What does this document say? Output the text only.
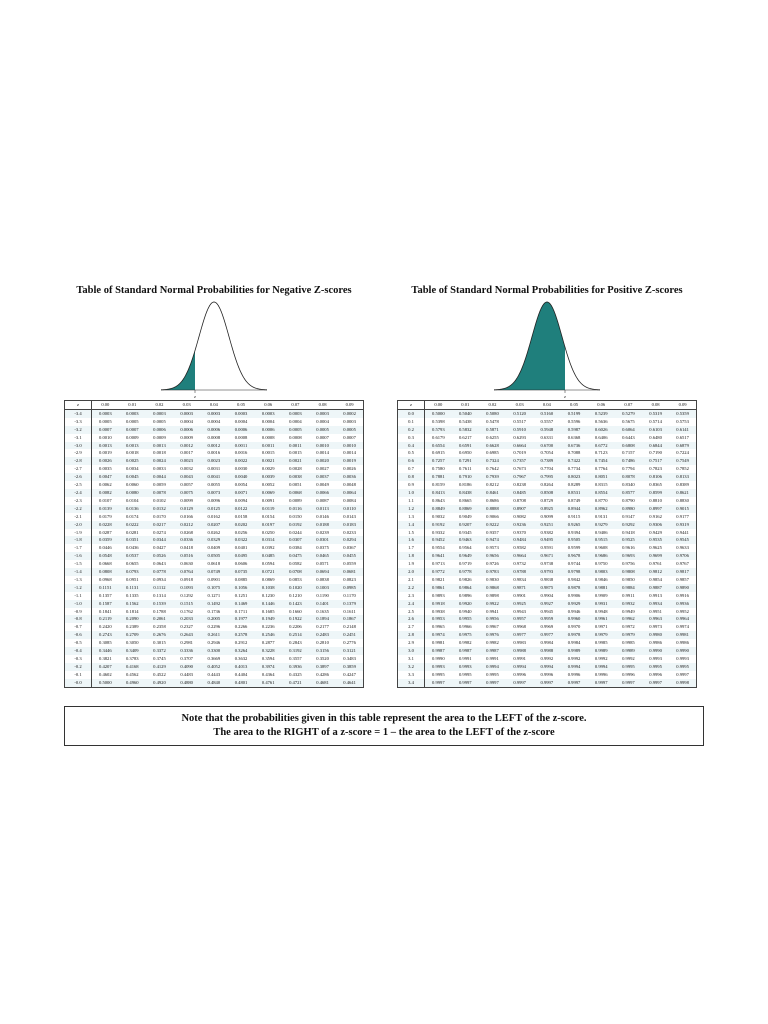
Table of Standard Normal Probabilities for Negative Z-scores

z
z	0.00	0.01	0.02	0.03	0.04	0.05	0.06	0.07	0.08	0.09
-3.4	0.0003	0.0003	0.0003	0.0003	0.0003	0.0003	0.0003	0.0003	0.0003	0.0002
-3.3	0.0005	0.0005	0.0005	0.0004	0.0004	0.0004	0.0004	0.0004	0.0004	0.0003
-3.2	0.0007	0.0007	0.0006	0.0006	0.0006	0.0006	0.0006	0.0005	0.0005	0.0005
-3.1	0.0010	0.0009	0.0009	0.0009	0.0008	0.0008	0.0008	0.0008	0.0007	0.0007
-3.0	0.0013	0.0013	0.0013	0.0012	0.0012	0.0011	0.0011	0.0011	0.0010	0.0010
-2.9	0.0019	0.0018	0.0018	0.0017	0.0016	0.0016	0.0015	0.0015	0.0014	0.0014
-2.8	0.0026	0.0025	0.0024	0.0023	0.0023	0.0022	0.0021	0.0021	0.0020	0.0019
-2.7	0.0035	0.0034	0.0033	0.0032	0.0031	0.0030	0.0029	0.0028	0.0027	0.0026
-2.6	0.0047	0.0045	0.0044	0.0043	0.0041	0.0040	0.0039	0.0038	0.0037	0.0036
-2.5	0.0062	0.0060	0.0059	0.0057	0.0055	0.0054	0.0052	0.0051	0.0049	0.0048
-2.4	0.0082	0.0080	0.0078	0.0075	0.0073	0.0071	0.0069	0.0068	0.0066	0.0064
-2.3	0.0107	0.0104	0.0102	0.0099	0.0096	0.0094	0.0091	0.0089	0.0087	0.0084
-2.2	0.0139	0.0136	0.0132	0.0129	0.0125	0.0122	0.0119	0.0116	0.0113	0.0110
-2.1	0.0179	0.0174	0.0170	0.0166	0.0162	0.0158	0.0154	0.0150	0.0146	0.0143
-2.0	0.0228	0.0222	0.0217	0.0212	0.0207	0.0202	0.0197	0.0192	0.0188	0.0183
-1.9	0.0287	0.0281	0.0274	0.0268	0.0262	0.0256	0.0250	0.0244	0.0239	0.0233
-1.8	0.0359	0.0351	0.0344	0.0336	0.0329	0.0322	0.0314	0.0307	0.0301	0.0294
-1.7	0.0446	0.0436	0.0427	0.0418	0.0409	0.0401	0.0392	0.0384	0.0375	0.0367
-1.6	0.0548	0.0537	0.0526	0.0516	0.0505	0.0495	0.0485	0.0475	0.0465	0.0455
-1.5	0.0668	0.0655	0.0643	0.0630	0.0618	0.0606	0.0594	0.0582	0.0571	0.0559
-1.4	0.0808	0.0793	0.0778	0.0764	0.0749	0.0735	0.0721	0.0708	0.0694	0.0681
-1.3	0.0968	0.0951	0.0934	0.0918	0.0901	0.0885	0.0869	0.0853	0.0838	0.0823
-1.2	0.1151	0.1131	0.1112	0.1093	0.1075	0.1056	0.1038	0.1020	0.1003	0.0985
-1.1	0.1357	0.1335	0.1314	0.1292	0.1271	0.1251	0.1230	0.1210	0.1190	0.1170
-1.0	0.1587	0.1562	0.1539	0.1515	0.1492	0.1469	0.1446	0.1423	0.1401	0.1379
-0.9	0.1841	0.1814	0.1788	0.1762	0.1736	0.1711	0.1685	0.1660	0.1635	0.1611
-0.8	0.2119	0.2090	0.2061	0.2033	0.2005	0.1977	0.1949	0.1922	0.1894	0.1867
-0.7	0.2420	0.2389	0.2358	0.2327	0.2296	0.2266	0.2236	0.2206	0.2177	0.2148
-0.6	0.2743	0.2709	0.2676	0.2643	0.2611	0.2578	0.2546	0.2514	0.2483	0.2451
-0.5	0.3085	0.3050	0.3015	0.2981	0.2946	0.2912	0.2877	0.2843	0.2810	0.2776
-0.4	0.3446	0.3409	0.3372	0.3336	0.3300	0.3264	0.3228	0.3192	0.3156	0.3121
-0.3	0.3821	0.3783	0.3745	0.3707	0.3669	0.3632	0.3594	0.3557	0.3520	0.3483
-0.2	0.4207	0.4168	0.4129	0.4090	0.4052	0.4013	0.3974	0.3936	0.3897	0.3859
-0.1	0.4602	0.4562	0.4522	0.4483	0.4443	0.4404	0.4364	0.4325	0.4286	0.4247
-0.0	0.5000	0.4960	0.4920	0.4880	0.4840	0.4801	0.4761	0.4721	0.4681	0.4641

Table of Standard Normal Probabilities for Positive Z-scores

z
z	0.00	0.01	0.02	0.03	0.04	0.05	0.06	0.07	0.08	0.09
0.0	0.5000	0.5040	0.5080	0.5120	0.5160	0.5199	0.5239	0.5279	0.5319	0.5359
0.1	0.5398	0.5438	0.5478	0.5517	0.5557	0.5596	0.5636	0.5675	0.5714	0.5753
0.2	0.5793	0.5832	0.5871	0.5910	0.5948	0.5987	0.6026	0.6064	0.6103	0.6141
0.3	0.6179	0.6217	0.6255	0.6293	0.6331	0.6368	0.6406	0.6443	0.6480	0.6517
0.4	0.6554	0.6591	0.6628	0.6664	0.6700	0.6736	0.6772	0.6808	0.6844	0.6879
0.5	0.6915	0.6950	0.6985	0.7019	0.7054	0.7088	0.7123	0.7157	0.7190	0.7224
0.6	0.7257	0.7291	0.7324	0.7357	0.7389	0.7422	0.7454	0.7486	0.7517	0.7549
0.7	0.7580	0.7611	0.7642	0.7673	0.7704	0.7734	0.7764	0.7794	0.7823	0.7852
0.8	0.7881	0.7910	0.7939	0.7967	0.7995	0.8023	0.8051	0.8078	0.8106	0.8133
0.9	0.8159	0.8186	0.8212	0.8238	0.8264	0.8289	0.8315	0.8340	0.8365	0.8389
1.0	0.8413	0.8438	0.8461	0.8485	0.8508	0.8531	0.8554	0.8577	0.8599	0.8621
1.1	0.8643	0.8665	0.8686	0.8708	0.8729	0.8749	0.8770	0.8790	0.8810	0.8830
1.2	0.8849	0.8869	0.8888	0.8907	0.8925	0.8944	0.8962	0.8980	0.8997	0.9015
1.3	0.9032	0.9049	0.9066	0.9082	0.9099	0.9115	0.9131	0.9147	0.9162	0.9177
1.4	0.9192	0.9207	0.9222	0.9236	0.9251	0.9265	0.9279	0.9292	0.9306	0.9319
1.5	0.9332	0.9345	0.9357	0.9370	0.9382	0.9394	0.9406	0.9418	0.9429	0.9441
1.6	0.9452	0.9463	0.9474	0.9484	0.9495	0.9505	0.9515	0.9525	0.9535	0.9545
1.7	0.9554	0.9564	0.9573	0.9582	0.9591	0.9599	0.9608	0.9616	0.9625	0.9633
1.8	0.9641	0.9649	0.9656	0.9664	0.9671	0.9678	0.9686	0.9693	0.9699	0.9706
1.9	0.9713	0.9719	0.9726	0.9732	0.9738	0.9744	0.9750	0.9756	0.9761	0.9767
2.0	0.9772	0.9778	0.9783	0.9788	0.9793	0.9798	0.9803	0.9808	0.9812	0.9817
2.1	0.9821	0.9826	0.9830	0.9834	0.9838	0.9842	0.9846	0.9850	0.9854	0.9857
2.2	0.9861	0.9864	0.9868	0.9871	0.9875	0.9878	0.9881	0.9884	0.9887	0.9890
2.3	0.9893	0.9896	0.9898	0.9901	0.9904	0.9906	0.9909	0.9911	0.9913	0.9916
2.4	0.9918	0.9920	0.9922	0.9925	0.9927	0.9929	0.9931	0.9932	0.9934	0.9936
2.5	0.9938	0.9940	0.9941	0.9943	0.9945	0.9946	0.9948	0.9949	0.9951	0.9952
2.6	0.9953	0.9955	0.9956	0.9957	0.9959	0.9960	0.9961	0.9962	0.9963	0.9964
2.7	0.9965	0.9966	0.9967	0.9968	0.9969	0.9970	0.9971	0.9972	0.9973	0.9974
2.8	0.9974	0.9975	0.9976	0.9977	0.9977	0.9978	0.9979	0.9979	0.9980	0.9981
2.9	0.9981	0.9982	0.9982	0.9983	0.9984	0.9984	0.9985	0.9985	0.9986	0.9986
3.0	0.9987	0.9987	0.9987	0.9988	0.9988	0.9989	0.9989	0.9989	0.9990	0.9990
3.1	0.9990	0.9991	0.9991	0.9991	0.9992	0.9992	0.9992	0.9992	0.9993	0.9993
3.2	0.9993	0.9993	0.9994	0.9994	0.9994	0.9994	0.9994	0.9995	0.9995	0.9995
3.3	0.9995	0.9995	0.9995	0.9996	0.9996	0.9996	0.9996	0.9996	0.9996	0.9997
3.4	0.9997	0.9997	0.9997	0.9997	0.9997	0.9997	0.9997	0.9997	0.9997	0.9998
Note that the probabilities given in this table represent the area to the LEFT of the z-score.
The area to the RIGHT of a z-score = 1 – the area to the LEFT of the z-score
